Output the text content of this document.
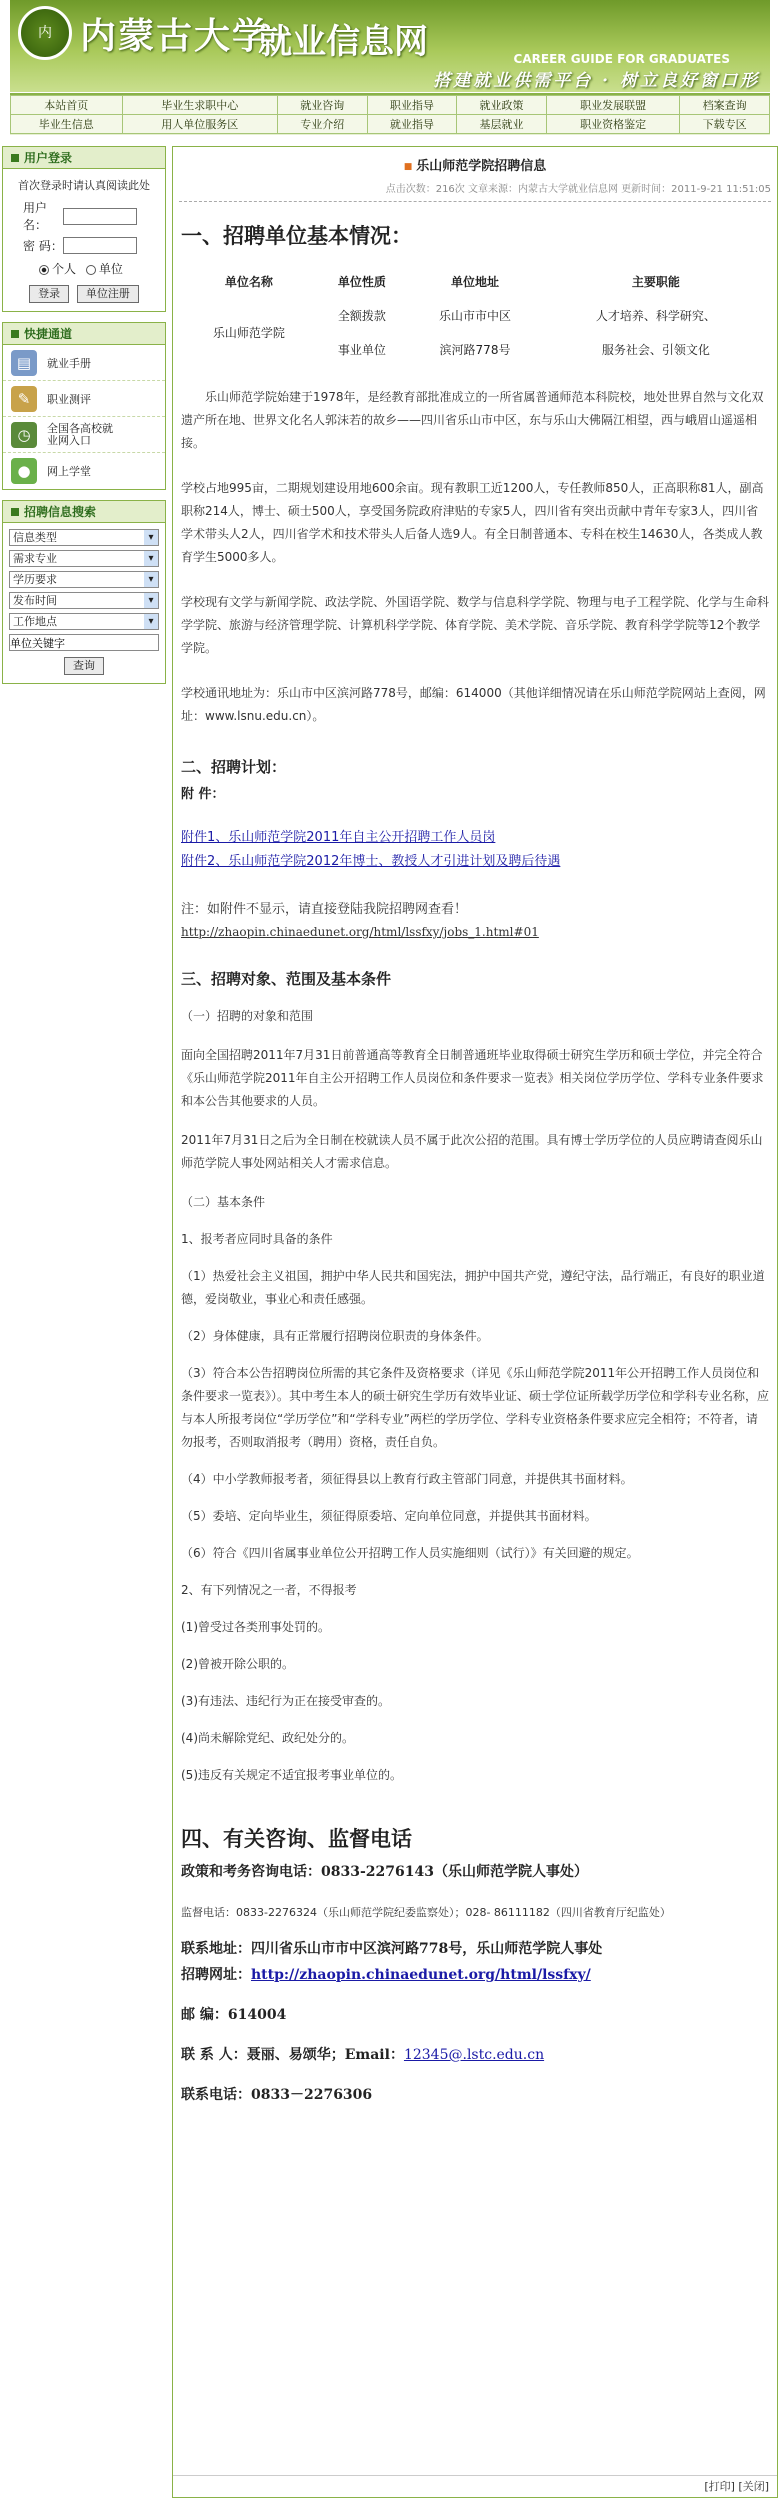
内 内蒙古大学
就业信息网	CAREER GUIDE FOR GRADUATES
搭建就业供需平台 · 树立良好窗口形
本站首页	毕业生求职中心	就业咨询	职业指导	就业政策	职业发展联盟	档案查询
毕业生信息	用人单位服务区	专业介绍	就业指导	基层就业	职业资格鉴定	下载专区
用户登录
首次登录时请认真阅读此处
用户名：
密 码：
个人 单位
登录 单位注册
快捷通道
▤	就业手册
✎	职业测评
◷	全国各高校就业网入口
●	网上学堂
招聘信息搜索
信息类型 ▾
需求专业 ▾
学历要求 ▾
发布时间 ▾
工作地点 ▾
单位关键字
查询
■ 乐山师范学院招聘信息
点击次数：216次 文章来源：内蒙古大学就业信息网 更新时间：2011-9-21 11:51:05
一、招聘单位基本情况：
单位名称	单位性质	单位地址	主要职能
乐山师范学院	全额拨款	乐山市市中区	人才培养、科学研究、
	事业单位	滨河路778号	服务社会、引领文化
乐山师范学院始建于1978年，是经教育部批准成立的一所省属普通师范本科院校，地处世界自然与文化双遗产所在地、世界文化名人郭沫若的故乡——四川省乐山市中区，东与乐山大佛隔江相望，西与峨眉山遥遥相接。
学校占地995亩，二期规划建设用地600余亩。现有教职工近1200人，专任教师850人，正高职称81人，副高职称214人，博士、硕士500人，享受国务院政府津贴的专家5人，四川省有突出贡献中青年专家3人，四川省学术带头人2人，四川省学术和技术带头人后备人选9人。有全日制普通本、专科在校生14630人，各类成人教育学生5000多人。
学校现有文学与新闻学院、政法学院、外国语学院、数学与信息科学学院、物理与电子工程学院、化学与生命科学学院、旅游与经济管理学院、计算机科学学院、体育学院、美术学院、音乐学院、教育科学学院等12个教学学院。
学校通讯地址为：乐山市中区滨河路778号，邮编：614000（其他详细情况请在乐山师范学院网站上查阅，网址：www.lsnu.edu.cn）。
二、招聘计划：
附 件：
附件1、乐山师范学院2011年自主公开招聘工作人员岗
附件2、乐山师范学院2012年博士、教授人才引进计划及聘后待遇
注：如附件不显示，请直接登陆我院招聘网查看！
http://zhaopin.chinaedunet.org/html/lssfxy/jobs_1.html#01
三、招聘对象、范围及基本条件
（一）招聘的对象和范围
面向全国招聘2011年7月31日前普通高等教育全日制普通班毕业取得硕士研究生学历和硕士学位，并完全符合《乐山师范学院2011年自主公开招聘工作人员岗位和条件要求一览表》相关岗位学历学位、学科专业条件要求和本公告其他要求的人员。
2011年7月31日之后为全日制在校就读人员不属于此次公招的范围。具有博士学历学位的人员应聘请查阅乐山师范学院人事处网站相关人才需求信息。
（二）基本条件
1、报考者应同时具备的条件
（1）热爱社会主义祖国，拥护中华人民共和国宪法，拥护中国共产党，遵纪守法，品行端正，有良好的职业道德，爱岗敬业，事业心和责任感强。
（2）身体健康，具有正常履行招聘岗位职责的身体条件。
（3）符合本公告招聘岗位所需的其它条件及资格要求（详见《乐山师范学院2011年公开招聘工作人员岗位和条件要求一览表》）。其中考生本人的硕士研究生学历有效毕业证、硕士学位证所载学历学位和学科专业名称，应与本人所报考岗位“学历学位”和“学科专业”两栏的学历学位、学科专业资格条件要求应完全相符；不符者，请勿报考，否则取消报考（聘用）资格，责任自负。
（4）中小学教师报考者，须征得县以上教育行政主管部门同意，并提供其书面材料。
（5）委培、定向毕业生，须征得原委培、定向单位同意，并提供其书面材料。
（6）符合《四川省属事业单位公开招聘工作人员实施细则（试行）》有关回避的规定。
2、有下列情况之一者，不得报考
(1)曾受过各类刑事处罚的。
(2)曾被开除公职的。
(3)有违法、违纪行为正在接受审查的。
(4)尚未解除党纪、政纪处分的。
(5)违反有关规定不适宜报考事业单位的。
四、有关咨询、监督电话
政策和考务咨询电话：0833-2276143（乐山师范学院人事处）
监督电话：0833-2276324（乐山师范学院纪委监察处）；028- 86111182（四川省教育厅纪监处）
联系地址：四川省乐山市市中区滨河路778号，乐山师范学院人事处
招聘网址：http://zhaopin.chinaedunet.org/html/lssfxy/
邮 编：614004
联 系 人：聂丽、易颂华；Email：12345@.lstc.edu.cn
联系电话：0833－2276306
[打印] [关闭]
